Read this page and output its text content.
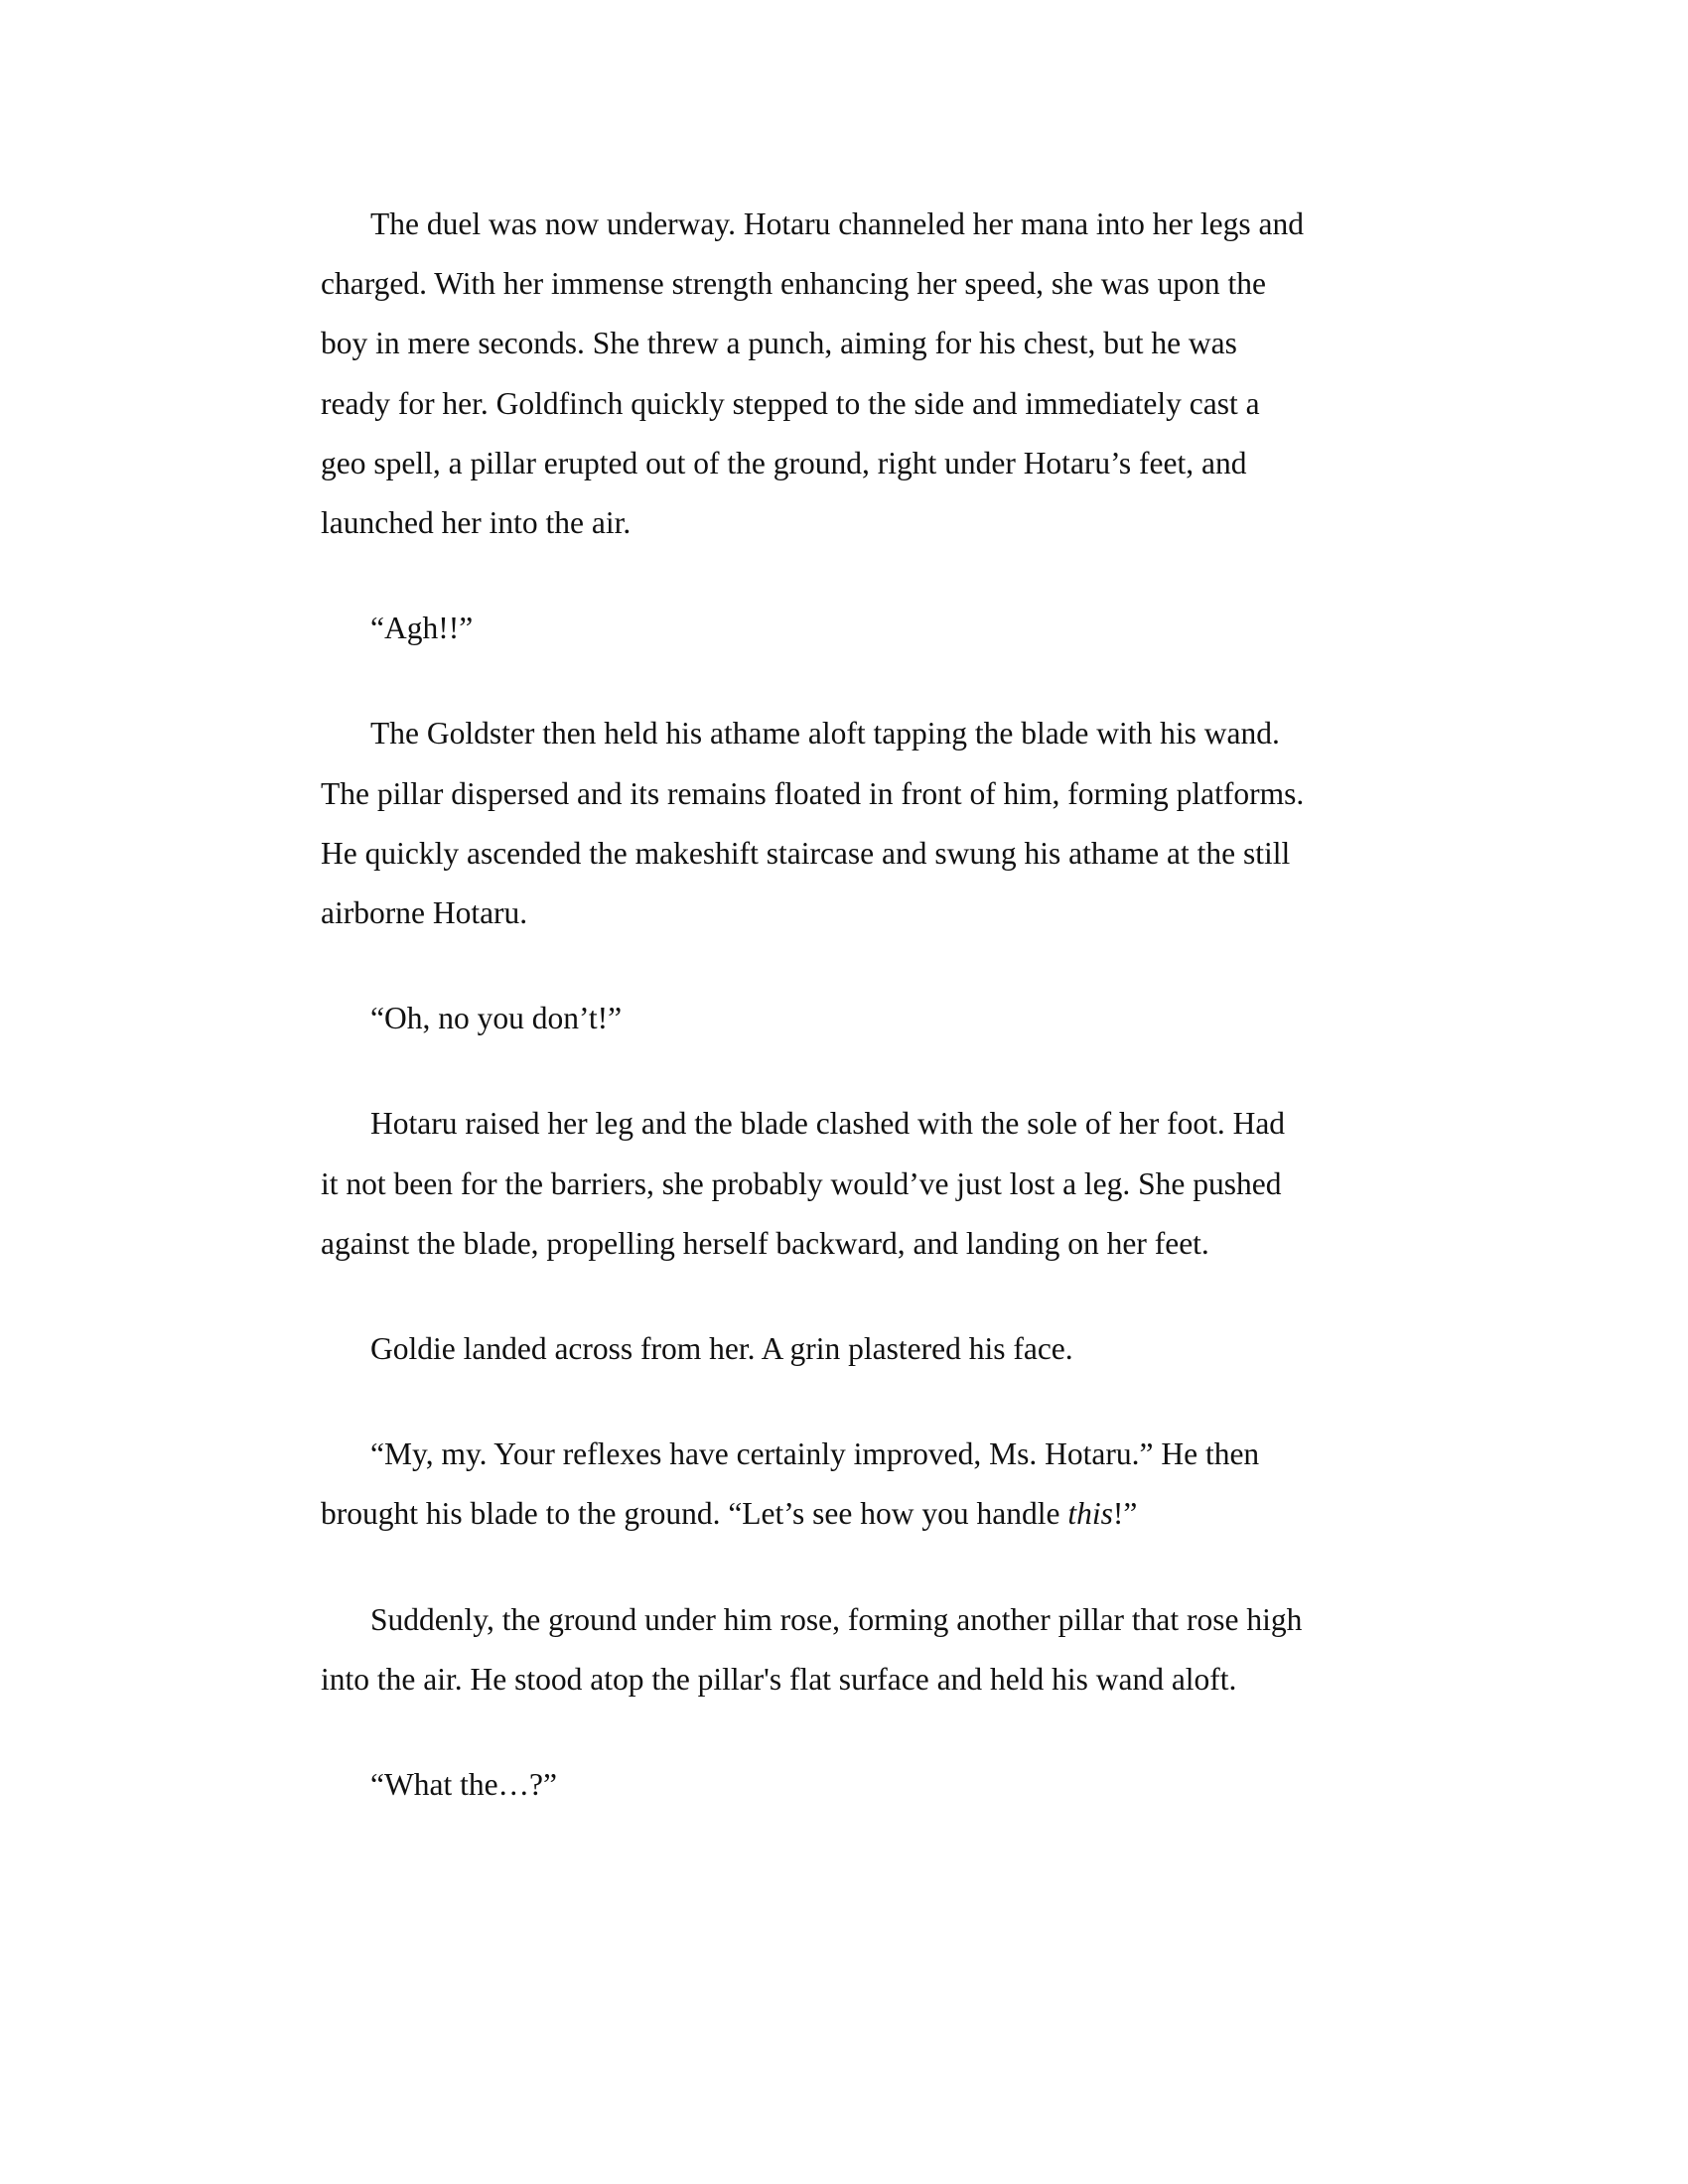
The duel was now underway. Hotaru channeled her mana into her legs and
charged. With her immense strength enhancing her speed, she was upon the
boy in mere seconds. She threw a punch, aiming for his chest, but he was
ready for her. Goldfinch quickly stepped to the side and immediately cast a
geo spell, a pillar erupted out of the ground, right under Hotaru’s feet, and
launched her into the air.

“Agh!!”

The Goldster then held his athame aloft tapping the blade with his wand.
The pillar dispersed and its remains floated in front of him, forming platforms.
He quickly ascended the makeshift staircase and swung his athame at the still
airborne Hotaru.

“Oh, no you don’t!”

Hotaru raised her leg and the blade clashed with the sole of her foot. Had
it not been for the barriers, she probably would’ve just lost a leg. She pushed
against the blade, propelling herself backward, and landing on her feet.

Goldie landed across from her. A grin plastered his face.

“My, my. Your reflexes have certainly improved, Ms. Hotaru.” He then
brought his blade to the ground. “Let’s see how you handle this!”

Suddenly, the ground under him rose, forming another pillar that rose high
into the air. He stood atop the pillar's flat surface and held his wand aloft.

“What the…?”
